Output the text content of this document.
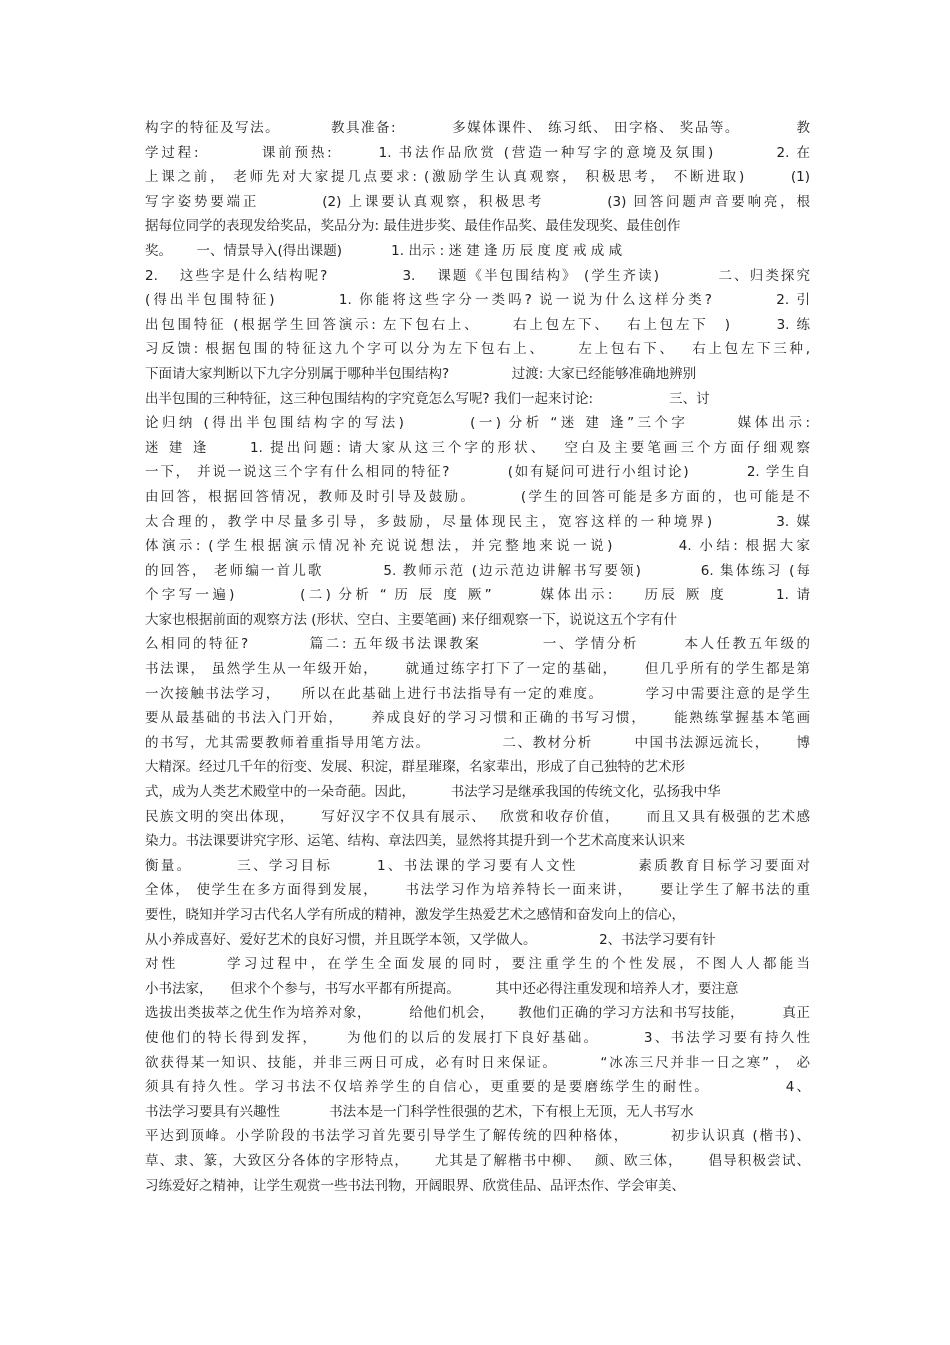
构字的特征及写法。 　　　教具准备: 　　　 多媒体课件、 练习纸、 田字格、 奖品等。 　　　 教
学过程: 　　　 课前预热: 　　 1. 书法作品欣赏 (营造一种写字的意境及氛围) 　　　 2. 在
上课之前， 老师先对大家提几点要求: (激励学生认真观察， 积极思考， 不断进取) 　　 (1)
写字姿势要端正 　　　 (2) 上课要认真观察，积极思考 　　　 (3) 回答问题声音要响亮，根
据每位同学的表现发给奖品，奖品分为: 最佳进步奖、最佳作品奖、最佳发现奖、最佳创作
奖。　　 一、情景导入(得出课题) 　　　 1. 出示 : 迷 建 逢 历 辰 度 度 戒 成 咸
2. 　这些字是什么结构呢? 　　　　 3. 　课题《半包围结构》 (学生齐读) 　　　 二、归类探究
(得出半包围特征) 　　　 1. 你能将这些字分一类吗? 说一说为什么这样分类? 　　　 2. 引
出包围特征 (根据学生回答演示: 左下包右上、　　 右上包左下、　 右上包左下　) 　　 3. 练
习反馈: 根据包围的特征这九个字可以分为左下包右上、　　 左上包右下、　 右上包左下三种,
下面请大家判断以下九字分别属于哪种半包围结构? 　　　　 过渡: 大家已经能够准确地辨别
出半包围的三种特征，这三种包围结构的字究竟怎么写呢? 我们一起来讨论: 　　　　　 三、讨
论归纳 (得出半包围结构字的写法) 　　　 (一) 分析 “迷 建 逢”三个字 　　 媒体出示:
迷 建 逢　　 1. 提出问题: 请大家从这三个字的形状、　 空白及主要笔画三个方面仔细观察
一下， 并说一说这三个字有什么相同的特征? 　　　 (如有疑问可进行小组讨论) 　　　 2. 学生自
由回答，根据回答情况，教师及时引导及鼓励。 　　 (学生的回答可能是多方面的，也可能是不
太合理的，教学中尽量多引导，多鼓励，尽量体现民主，宽容这样的一种境界) 　　　 3. 媒
体演示: (学生根据演示情况补充说说想法，并完整地来说一说) 　　　 4. 小结: 根据大家
的回答， 老师编一首儿歌 　　　 5. 教师示范 (边示范边讲解书写要领) 　　　 6. 集体练习 (每
个字写一遍) 　　　 (二) 分析 “ 历 辰 度 厥” 　　 媒体出示: 　 历辰 厥 度 　　 1. 请
大家也根据前面的观察方法 (形状、空白、主要笔画) 来仔细观察一下，说说这五个字有什
么相同的特征? 　　　 篇二: 五年级书法课教案 　　　 一、学情分析 　　 本人任教五年级的
书法课， 虽然学生从一年级开始， 　 就通过练字打下了一定的基础， 　 但几乎所有的学生都是第
一次接触书法学习， 　所以在此基础上进行书法指导有一定的难度。 　　 学习中需要注意的是学生
要从最基础的书法入门开始， 　 养成良好的学习习惯和正确的书写习惯， 　 能熟练掌握基本笔画
的书写，尤其需要教师着重指导用笔方法。 　　　　 二、教材分析 　　 中国书法源远流长， 　 博
大精深。经过几千年的衍变、发展、积淀，群星璀璨，名家辈出，形成了自己独特的艺术形
式，成为人类艺术殿堂中的一朵奇葩。因此， 　　 书法学习是继承我国的传统文化，弘扬我中华
民族文明的突出体现， 　 写好汉字不仅具有展示、　 欣赏和收存价值， 　 而且又具有极强的艺术感
染力。书法课要讲究字形、运笔、结构、章法四美，显然将其提升到一个艺术高度来认识来
衡量。 　　 三、学习目标 　　 1、书法课的学习要有人文性 　　　 素质教育目标学习要面对
全体， 使学生在多方面得到发展， 　 书法学习作为培养特长一面来讲， 　 要让学生了解书法的重
要性，晓知并学习古代名人学有所成的精神，激发学生热爱艺术之感情和奋发向上的信心，
从小养成喜好、爱好艺术的良好习惯，并且既学本领，又学做人。 　　　　 2、书法学习要有针
对性 　　 学习过程中，在学生全面发展的同时，要注重学生的个性发展，不图人人都能当
小书法家， 　但求个个参与，书写水平都有所提高。 　　 其中还必得注重发现和培养人才，要注意
选拔出类拔萃之优生作为培养对象， 　　 给他们机会， 　 教他们正确的学习方法和书写技能， 　　 真正
使他们的特长得到发挥， 　 为他们的以后的发展打下良好基础。 　　 3、书法学习要有持久性
欲获得某一知识、技能，并非三两日可成，必有时日来保证。 　　 “冰冻三尺并非一日之寒” ， 必
须具有持久性。学习书法不仅培养学生的自信心，更重要的是要磨练学生的耐性。 　　　　 4、
书法学习要具有兴趣性 　　　 书法本是一门科学性很强的艺术，下有根上无顶，无人书写水
平达到顶峰。小学阶段的书法学习首先要引导学生了解传统的四种格体， 　　 初步认识真 (楷书)、
草、隶、篆，大致区分各体的字形特点， 　 尤其是了解楷书中柳、　 颜、欧三体， 　 倡导积极尝试、
习练爱好之精神，让学生观赏一些书法刊物，开阔眼界、欣赏佳品、品评杰作、学会审美、
